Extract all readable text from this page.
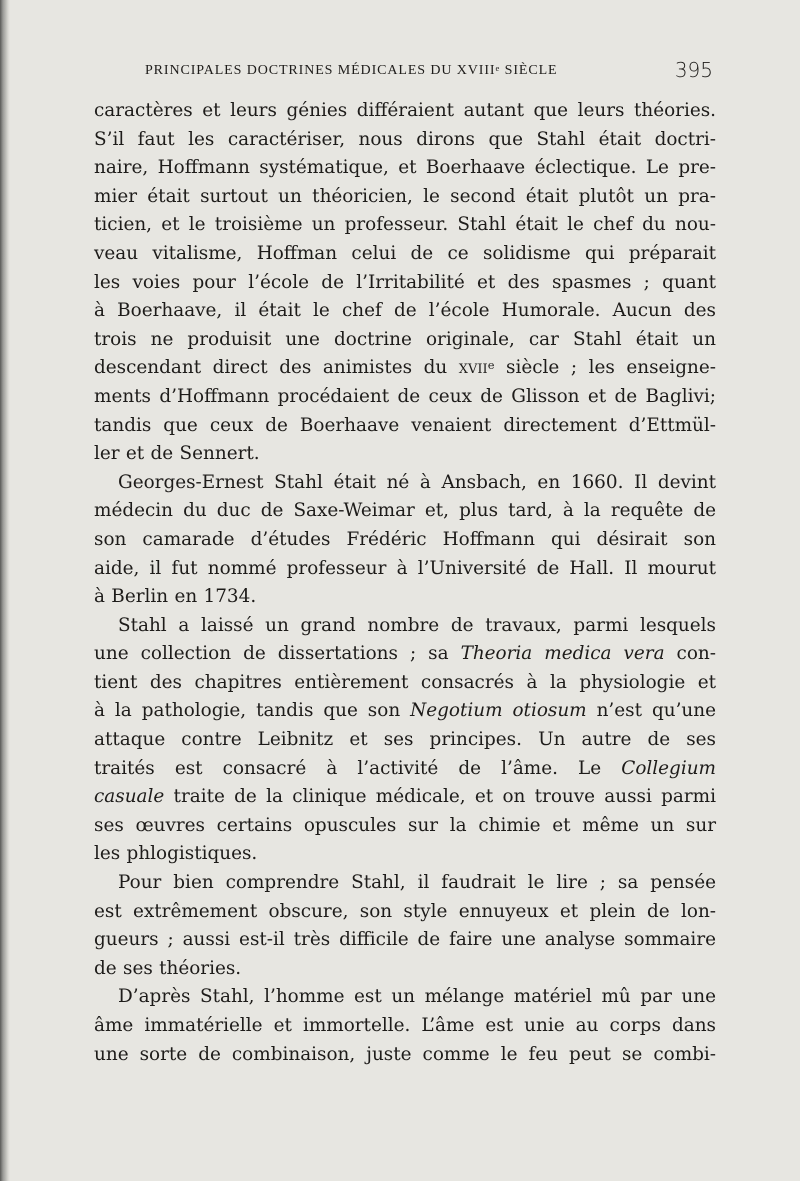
PRINCIPALES DOCTRINES MÉDICALES DU XVIIIe SIÈCLE	395
caractères et leurs génies différaient autant que leurs théories.
S’il faut les caractériser, nous dirons que Stahl était doctri-
naire, Hoffmann systématique, et Boerhaave éclectique. Le pre-
mier était surtout un théoricien, le second était plutôt un pra-
ticien, et le troisième un professeur. Stahl était le chef du nou-
veau vitalisme, Hoffman celui de ce solidisme qui préparait
les voies pour l’école de l’Irritabilité et des spasmes ; quant
à Boerhaave, il était le chef de l’école Humorale. Aucun des
trois ne produisit une doctrine originale, car Stahl était un
descendant direct des animistes du xvii$^e$ siècle ; les enseigne-
ments d’Hoffmann procédaient de ceux de Glisson et de Baglivi;
tandis que ceux de Boerhaave venaient directement d’Ettmül-
ler et de Sennert.
Georges-Ernest Stahl était né à Ansbach, en 1660. Il devint
médecin du duc de Saxe-Weimar et, plus tard, à la requête de
son camarade d’études Frédéric Hoffmann qui désirait son
aide, il fut nommé professeur à l’Université de Hall. Il mourut
à Berlin en 1734.
Stahl a laissé un grand nombre de travaux, parmi lesquels
une collection de dissertations ; sa Theoria medica vera con-
tient des chapitres entièrement consacrés à la physiologie et
à la pathologie, tandis que son Negotium otiosum n’est qu’une
attaque contre Leibnitz et ses principes. Un autre de ses
traités est consacré à l’activité de l’âme. Le Collegium
casuale traite de la clinique médicale, et on trouve aussi parmi
ses œuvres certains opuscules sur la chimie et même un sur
les phlogistiques.
Pour bien comprendre Stahl, il faudrait le lire ; sa pensée
est extrêmement obscure, son style ennuyeux et plein de lon-
gueurs ; aussi est-il très difficile de faire une analyse sommaire
de ses théories.
D’après Stahl, l’homme est un mélange matériel mû par une
âme immatérielle et immortelle. L’âme est unie au corps dans
une sorte de combinaison, juste comme le feu peut se combi-
